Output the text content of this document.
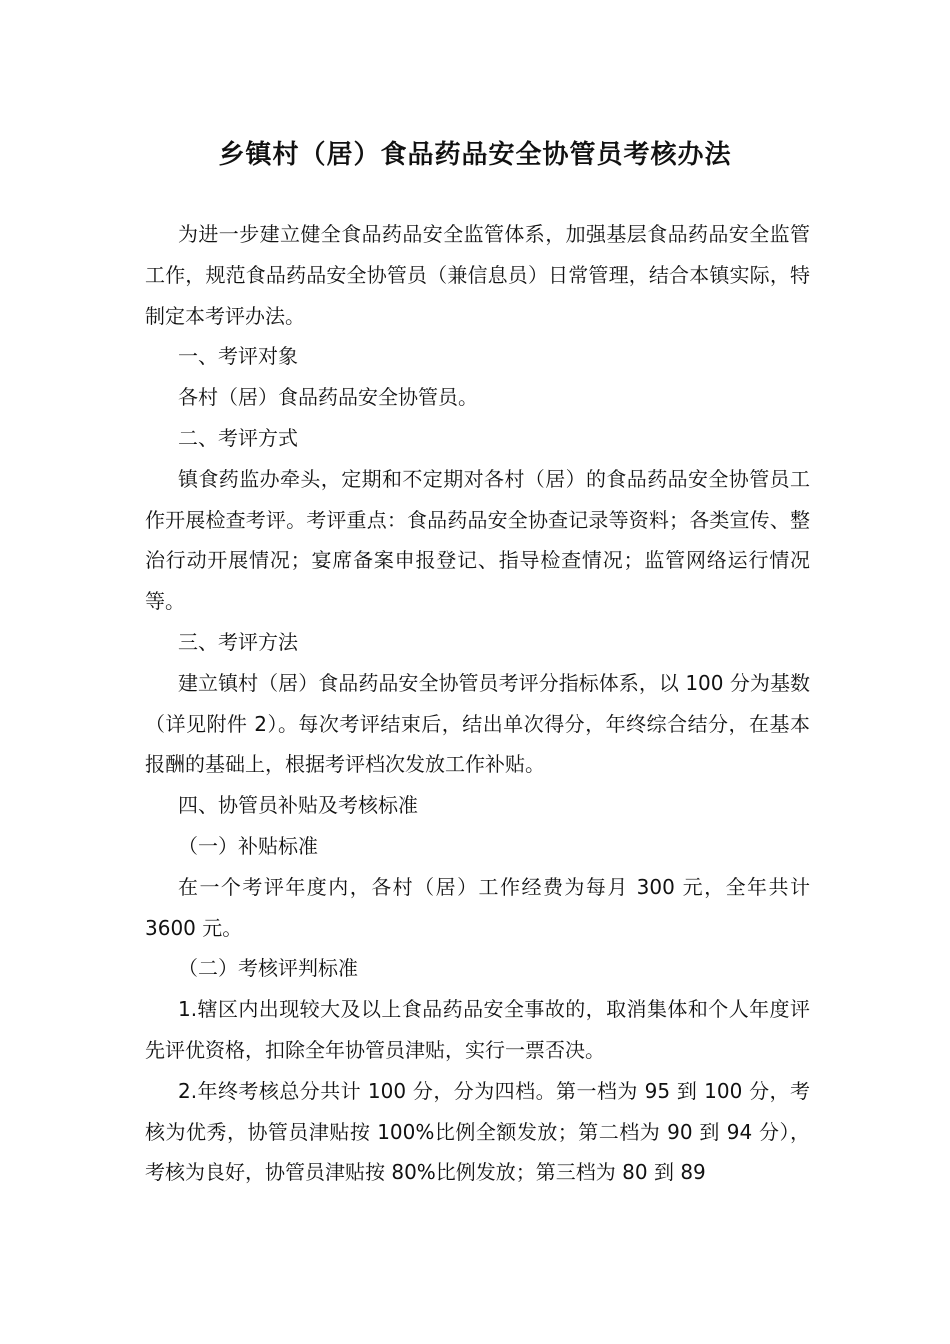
乡镇村（居）食品药品安全协管员考核办法

为进一步建立健全食品药品安全监管体系，加强基层食品药品安全监管工作，规范食品药品安全协管员（兼信息员）日常管理，结合本镇实际，特制定本考评办法。

一、考评对象

各村（居）食品药品安全协管员。

二、考评方式

镇食药监办牵头，定期和不定期对各村（居）的食品药品安全协管员工作开展检查考评。考评重点：食品药品安全协查记录等资料；各类宣传、整治行动开展情况；宴席备案申报登记、指导检查情况；监管网络运行情况等。

三、考评方法

建立镇村（居）食品药品安全协管员考评分指标体系，以 100 分为基数（详见附件 2）。每次考评结束后，结出单次得分，年终综合结分，在基本报酬的基础上，根据考评档次发放工作补贴。

四、协管员补贴及考核标准

（一）补贴标准

在一个考评年度内，各村（居）工作经费为每月 300 元，全年共计 3600 元。

（二）考核评判标准

1.辖区内出现较大及以上食品药品安全事故的，取消集体和个人年度评先评优资格，扣除全年协管员津贴，实行一票否决。

2.年终考核总分共计 100 分，分为四档。第一档为 95 到 100 分，考核为优秀，协管员津贴按 100%比例全额发放；第二档为 90 到 94 分），考核为良好，协管员津贴按 80%比例发放；第三档为 80 到 89
